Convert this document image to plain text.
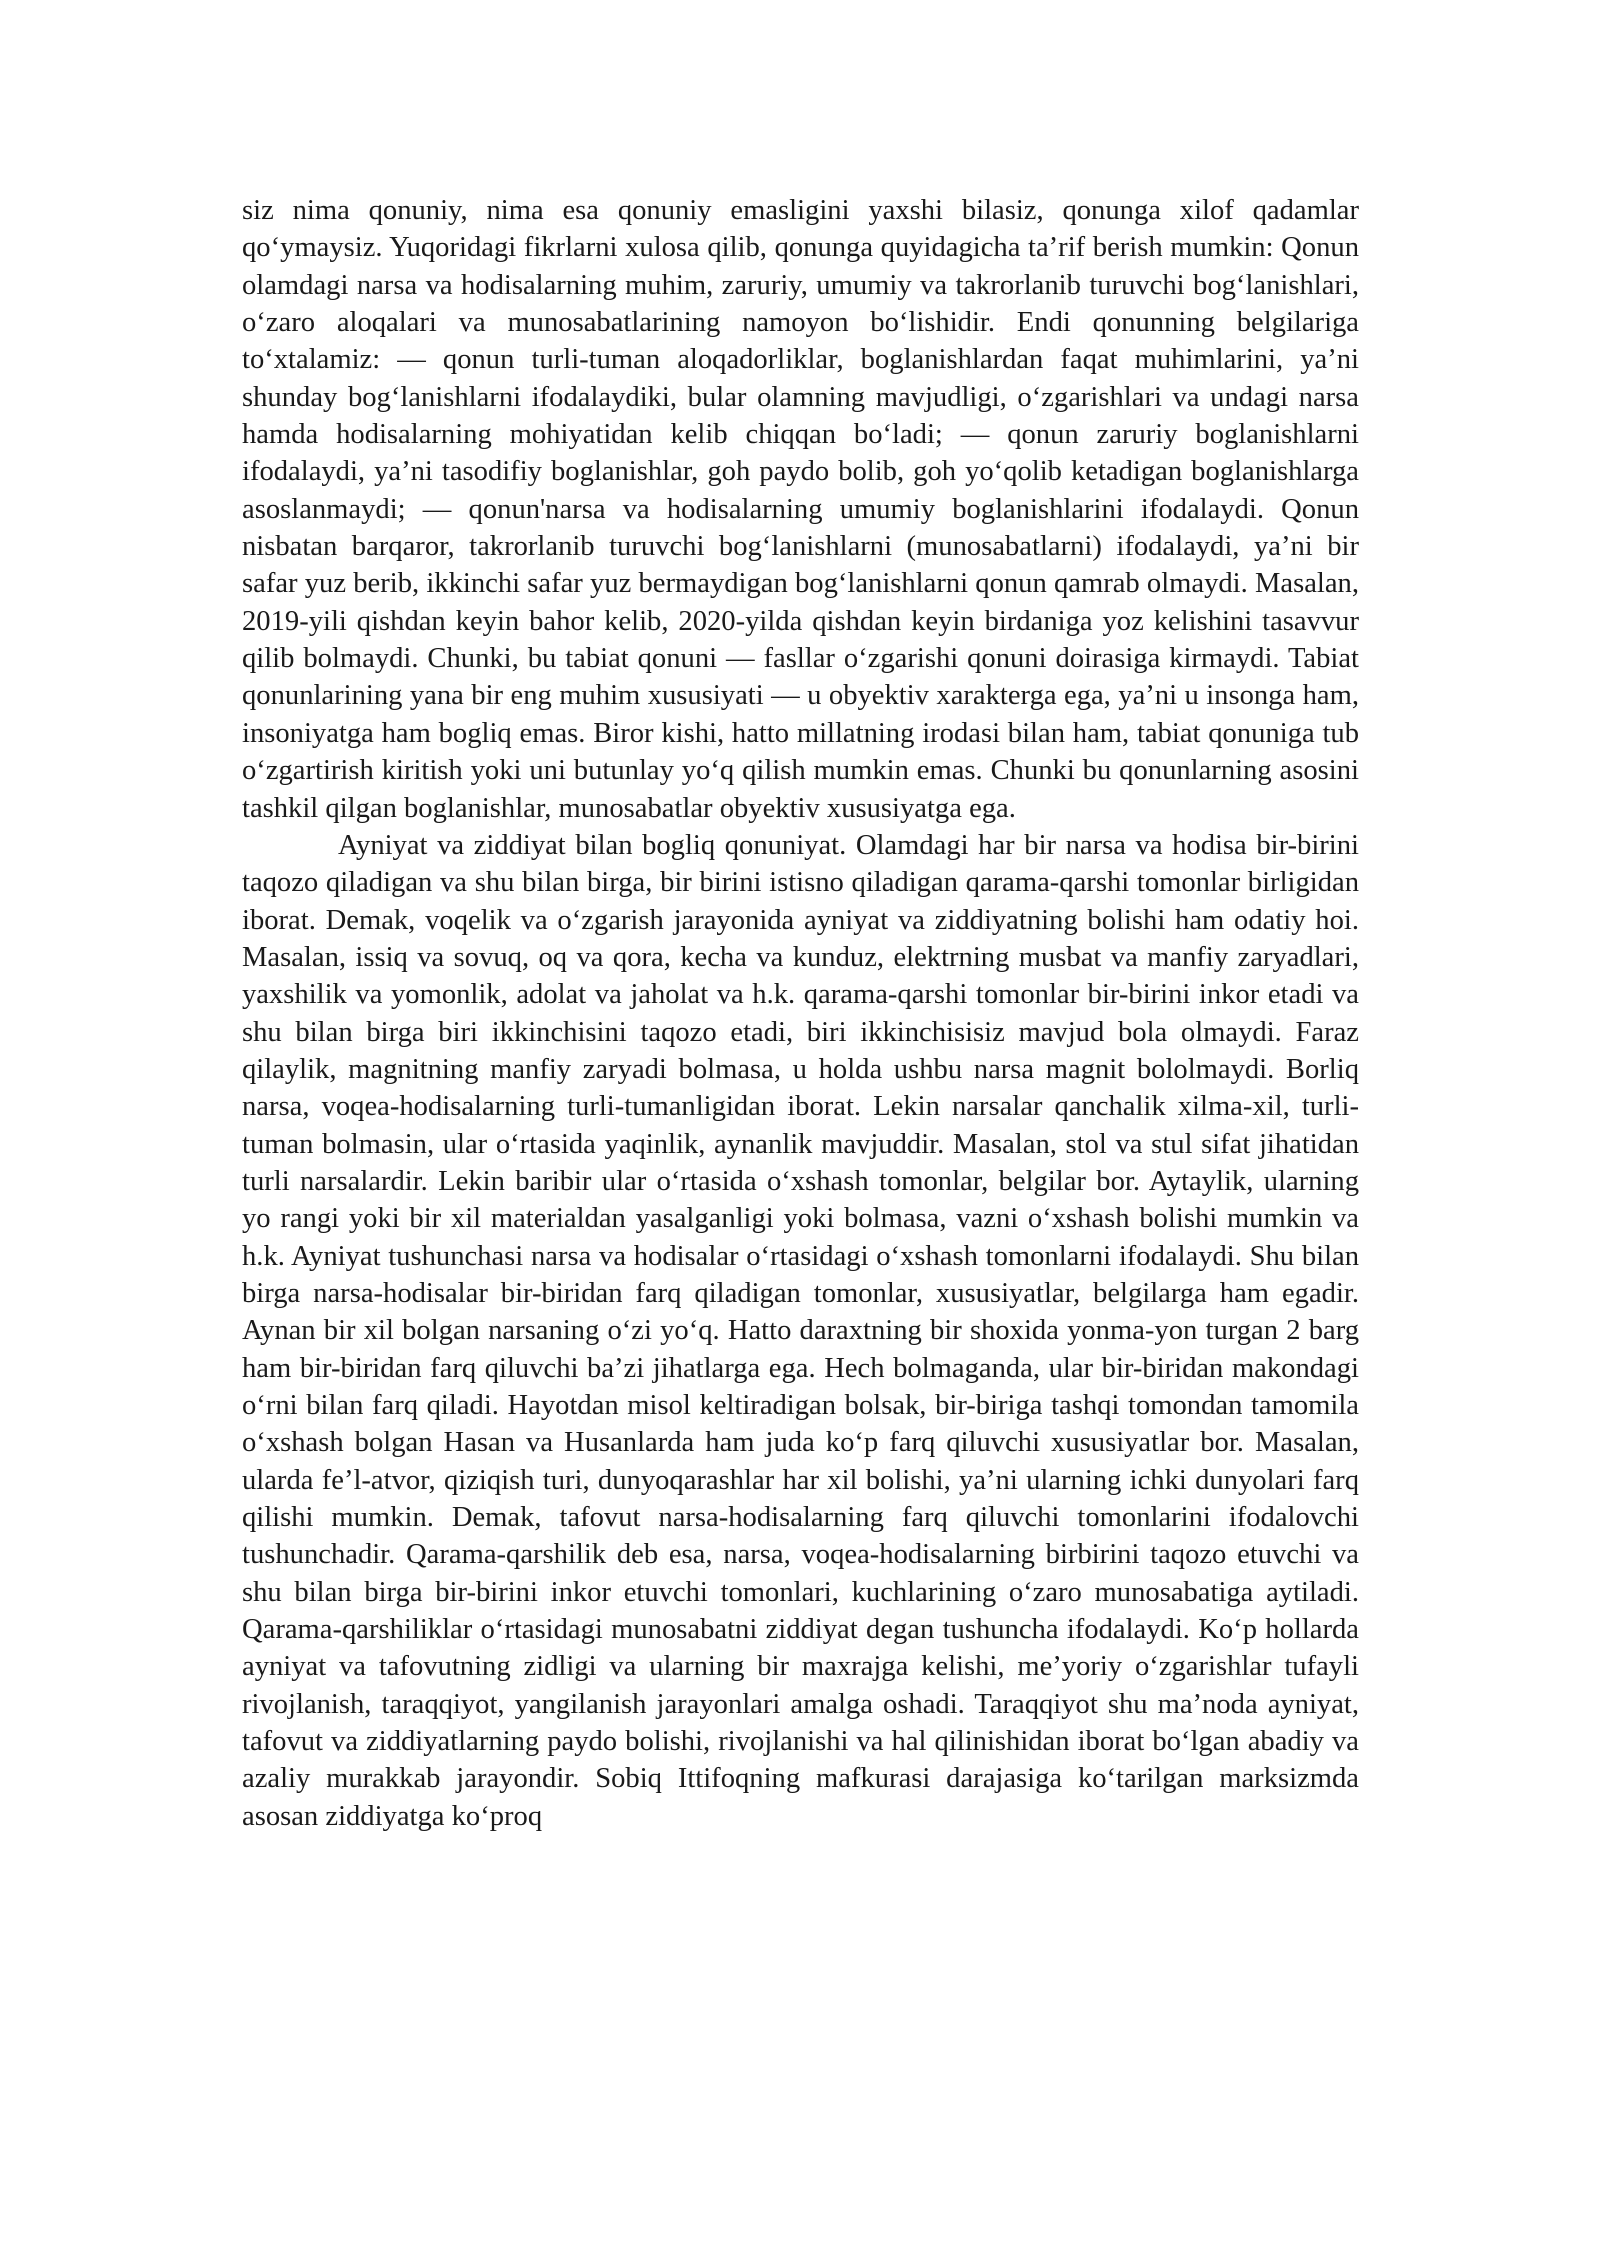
siz nima qonuniy, nima esa qonuniy emasligini yaxshi bilasiz, qonunga xilof qadamlar qo‘ymaysiz. Yuqoridagi fikrlarni xulosa qilib, qonunga quyidagicha ta’rif berish mumkin: Qonun olamdagi narsa va hodisalarning muhim, zaruriy, umumiy va takrorlanib turuvchi bog‘lanishlari, o‘zaro aloqalari va munosabatlarining namoyon bo‘lishidir. Endi qonunning belgilariga to‘xtalamiz: — qonun turli-tuman aloqadorliklar, boglanishlardan faqat muhimlarini, ya’ni shunday bog‘lanishlarni ifodalaydiki, bular olamning mavjudligi, o‘zgarishlari va undagi narsa hamda hodisalarning mohiyatidan kelib chiqqan bo‘ladi; — qonun zaruriy boglanishlarni ifodalaydi, ya’ni tasodifiy boglanishlar, goh paydo bolib, goh yo‘qolib ketadigan boglanishlarga asoslanmaydi; — qonun'narsa va hodisalarning umumiy boglanishlarini ifodalaydi. Qonun nisbatan barqaror, takrorlanib turuvchi bog‘lanishlarni (munosabatlarni) ifodalaydi, ya’ni bir safar yuz berib, ikkinchi safar yuz bermaydigan bog‘lanishlarni qonun qamrab olmaydi. Masalan, 2019-yili qishdan keyin bahor kelib, 2020-yilda qishdan keyin birdaniga yoz kelishini tasavvur qilib bolmaydi. Chunki, bu tabiat qonuni — fasllar o‘zgarishi qonuni doirasiga kirmaydi. Tabiat qonunlarining yana bir eng muhim xususiyati — u obyektiv xarakterga ega, ya’ni u insonga ham, insoniyatga ham bogliq emas. Biror kishi, hatto millatning irodasi bilan ham, tabiat qonuniga tub o‘zgartirish kiritish yoki uni butunlay yo‘q qilish mumkin emas. Chunki bu qonunlarning asosini tashkil qilgan boglanishlar, munosabatlar obyektiv xususiyatga ega.

Ayniyat va ziddiyat bilan bogliq qonuniyat. Olamdagi har bir narsa va hodisa bir-birini taqozo qiladigan va shu bilan birga, bir birini istisno qiladigan qarama-qarshi tomonlar birligidan iborat. Demak, voqelik va o‘zgarish jarayonida ayniyat va ziddiyatning bolishi ham odatiy hoi. Masalan, issiq va sovuq, oq va qora, kecha va kunduz, elektrning musbat va manfiy zaryadlari, yaxshilik va yomonlik, adolat va jaholat va h.k. qarama-qarshi tomonlar bir-birini inkor etadi va shu bilan birga biri ikkinchisini taqozo etadi, biri ikkinchisisiz mavjud bola olmaydi. Faraz qilaylik, magnitning manfiy zaryadi bolmasa, u holda ushbu narsa magnit bololmaydi. Borliq narsa, voqea-hodisalarning turli-tumanligidan iborat. Lekin narsalar qanchalik xilma-xil, turli-tuman bolmasin, ular o‘rtasida yaqinlik, aynanlik mavjuddir. Masalan, stol va stul sifat jihatidan turli narsalardir. Lekin baribir ular o‘rtasida o‘xshash tomonlar, belgilar bor. Aytaylik, ularning yo rangi yoki bir xil materialdan yasalganligi yoki bolmasa, vazni o‘xshash bolishi mumkin va h.k. Ayniyat tushunchasi narsa va hodisalar o‘rtasidagi o‘xshash tomonlarni ifodalaydi. Shu bilan birga narsa-hodisalar bir-biridan farq qiladigan tomonlar, xususiyatlar, belgilarga ham egadir. Aynan bir xil bolgan narsaning o‘zi yo‘q. Hatto daraxtning bir shoxida yonma-yon turgan 2 barg ham bir-biridan farq qiluvchi ba’zi jihatlarga ega. Hech bolmaganda, ular bir-biridan makondagi o‘rni bilan farq qiladi. Hayotdan misol keltiradigan bolsak, bir-biriga tashqi tomondan tamomila o‘xshash bolgan Hasan va Husanlarda ham juda ko‘p farq qiluvchi xususiyatlar bor. Masalan, ularda fe’l-atvor, qiziqish turi, dunyoqarashlar har xil bolishi, ya’ni ularning ichki dunyolari farq qilishi mumkin. Demak, tafovut narsa-hodisalarning farq qiluvchi tomonlarini ifodalovchi tushunchadir. Qarama-qarshilik deb esa, narsa, voqea-hodisalarning birbirini taqozo etuvchi va shu bilan birga bir-birini inkor etuvchi tomonlari, kuchlarining o‘zaro munosabatiga aytiladi. Qarama-qarshiliklar o‘rtasidagi munosabatni ziddiyat degan tushuncha ifodalaydi. Ko‘p hollarda ayniyat va tafovutning zidligi va ularning bir maxrajga kelishi, me’yoriy o‘zgarishlar tufayli rivojlanish, taraqqiyot, yangilanish jarayonlari amalga oshadi. Taraqqiyot shu ma’noda ayniyat, tafovut va ziddiyatlarning paydo bolishi, rivojlanishi va hal qilinishidan iborat bo‘lgan abadiy va azaliy murakkab jarayondir. Sobiq Ittifoqning mafkurasi darajasiga ko‘tarilgan marksizmda asosan ziddiyatga ko‘proq
